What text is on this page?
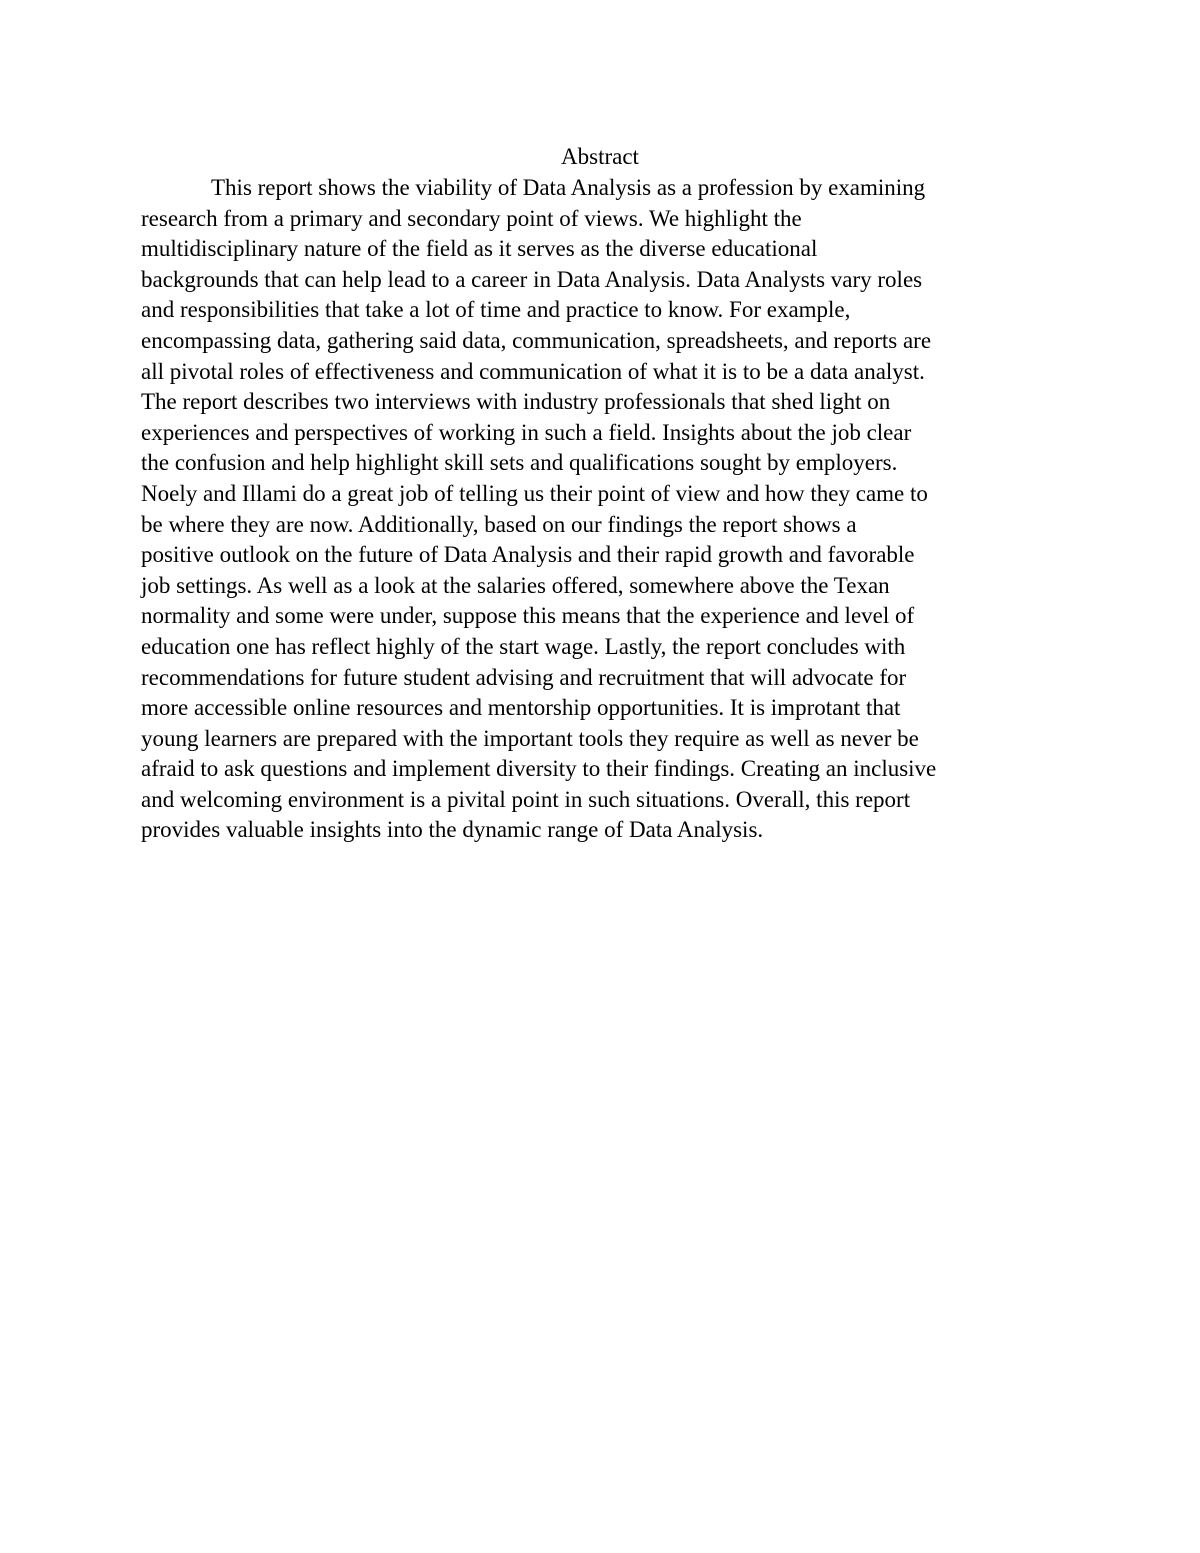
Abstract
This report shows the viability of Data Analysis as a profession by examining
research from a primary and secondary point of views. We highlight the
multidisciplinary nature of the field as it serves as the diverse educational
backgrounds that can help lead to a career in Data Analysis. Data Analysts vary roles
and responsibilities that take a lot of time and practice to know. For example,
encompassing data, gathering said data, communication, spreadsheets, and reports are
all pivotal roles of effectiveness and communication of what it is to be a data analyst.
The report describes two interviews with industry professionals that shed light on
experiences and perspectives of working in such a field. Insights about the job clear
the confusion and help highlight skill sets and qualifications sought by employers.
Noely and Illami do a great job of telling us their point of view and how they came to
be where they are now. Additionally, based on our findings the report shows a
positive outlook on the future of Data Analysis and their rapid growth and favorable
job settings. As well as a look at the salaries offered, somewhere above the Texan
normality and some were under, suppose this means that the experience and level of
education one has reflect highly of the start wage. Lastly, the report concludes with
recommendations for future student advising and recruitment that will advocate for
more accessible online resources and mentorship opportunities. It is improtant that
young learners are prepared with the important tools they require as well as never be
afraid to ask questions and implement diversity to their findings. Creating an inclusive
and welcoming environment is a pivital point in such situations. Overall, this report
provides valuable insights into the dynamic range of Data Analysis.
